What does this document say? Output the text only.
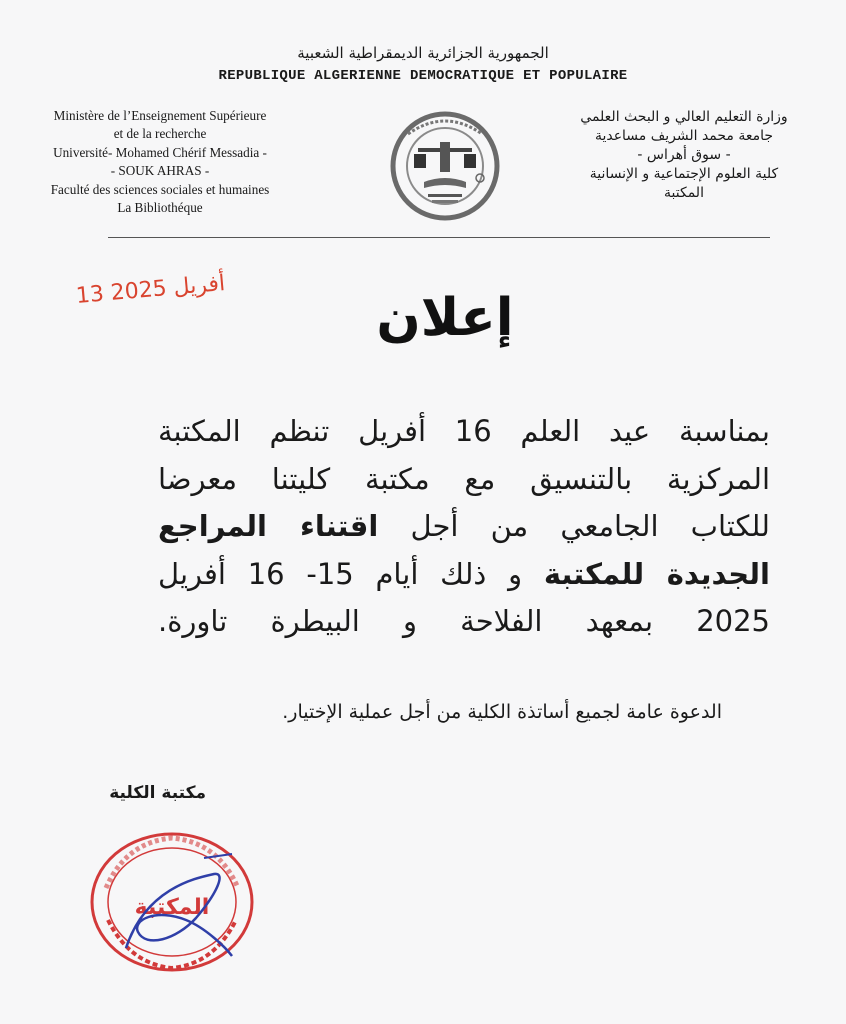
الجمهورية الجزائرية الديمقراطية الشعبية
REPUBLIQUE ALGERIENNE DEMOCRATIQUE ET POPULAIRE
Ministère de l’Enseignement Supérieure
et de la recherche
Université- Mohamed Chérif Messadia -
- SOUK AHRAS -
Faculté des sciences sociales et humaines
La Bibliothéque
وزارة التعليم العالي و البحث العلمي
جامعة محمد الشريف مساعدية
- سوق أهراس -
كلية العلوم الإجتماعية و الإنسانية
المكتبة
13 أفريل 2025
إعلان

بمناسبة عيد العلم 16 أفريل تنظم المكتبة

المركزية بالتنسيق مع مكتبة كليتنا معرضا

للكتاب الجامعي من أجل اقتناء المراجع

الجديدة للمكتبة و ذلك أيام 15- 16 أفريل

2025 بمعهد الفلاحة و البيطرة تاورة.

الدعوة عامة لجميع أساتذة الكلية من أجل عملية الإختيار.
مكتبة الكلية
المكتبة
